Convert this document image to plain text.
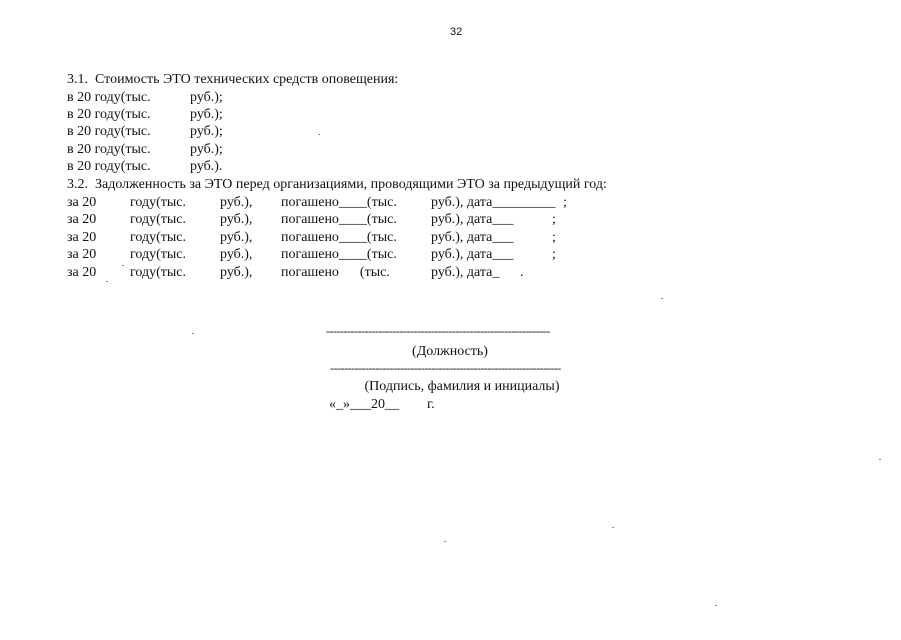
32
3.1.  Стоимость ЭТО технических средств оповещения:
в 20 году(тыс.	руб.);
в 20 году(тыс.	руб.);
в 20 году(тыс.	руб.);
в 20 году(тыс.	руб.);
в 20 году(тыс.	руб.).
3.2.  Задолженность за ЭТО перед организациями, проводящими ЭТО за предыдущий год:
за 20 году(тыс. руб.), погашено____(тыс. руб.), дата_________ ;
за 20 году(тыс. руб.), погашено____(тыс. руб.), дата___	;
за 20 году(тыс. руб.), погашено____(тыс. руб.), дата___	;
за 20 году(тыс. руб.), погашено____(тыс. руб.), дата___	;
за 20 году(тыс. руб.), погашено      (тыс.	руб.), дата_ .
----------------------------------------------------------------
(Должность)
------------------------------------------------------------------
(Подпись, фамилия и инициалы)
«_»___20__        г.
